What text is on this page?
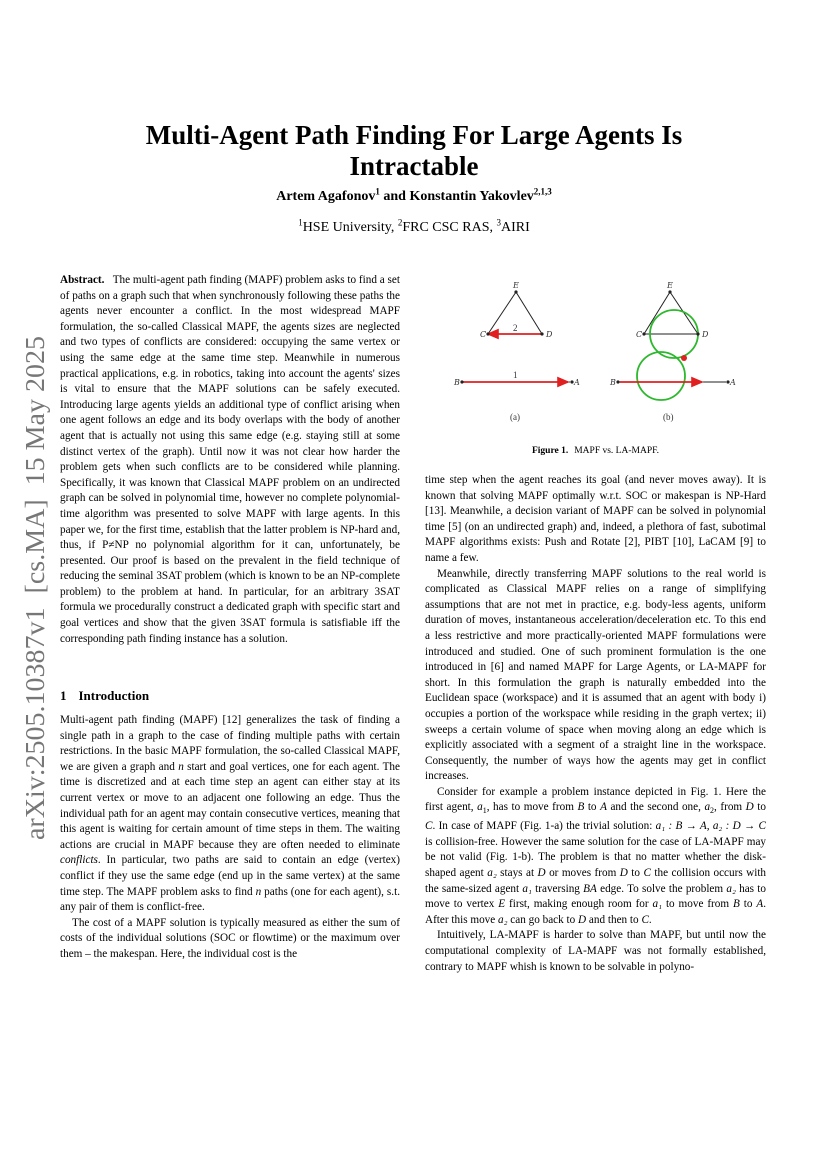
Multi-Agent Path Finding For Large Agents Is Intractable
Artem Agafonov$^1$ and Konstantin Yakovlev$^{2,1,3}$
$^1$HSE University, $^2$FRC CSC RAS, $^3$AIRI
arXiv:2505.10387v1  [cs.MA]  15 May 2025

Abstract. The multi-agent path finding (MAPF) problem asks to find a set of paths on a graph such that when synchronously following these paths the agents never encounter a conflict. In the most widespread MAPF formulation, the so-called Classical MAPF, the agents sizes are neglected and two types of conflicts are considered: occupying the same vertex or using the same edge at the same time step. Meanwhile in numerous practical applications, e.g. in robotics, taking into account the agents' sizes is vital to ensure that the MAPF solutions can be safely executed. Introducing large agents yields an additional type of conflict arising when one agent follows an edge and its body overlaps with the body of another agent that is actually not using this same edge (e.g. staying still at some distinct vertex of the graph). Until now it was not clear how harder the problem gets when such conflicts are to be considered while planning. Specifically, it was known that Classical MAPF problem on an undirected graph can be solved in polynomial time, however no complete polynomial-time algorithm was presented to solve MAPF with large agents. In this paper we, for the first time, establish that the latter problem is NP-hard and, thus, if P≠NP no polynomial algorithm for it can, unfortunately, be presented. Our proof is based on the prevalent in the field technique of reducing the seminal 3SAT problem (which is known to be an NP-complete problem) to the problem at hand. In particular, for an arbitrary 3SAT formula we procedurally construct a dedicated graph with specific start and goal vertices and show that the given 3SAT formula is satisfiable iff the corresponding path finding instance has a solution.

1 Introduction

Multi-agent path finding (MAPF) [12] generalizes the task of finding a single path in a graph to the case of finding multiple paths with certain restrictions. In the basic MAPF formulation, the so-called Classical MAPF, we are given a graph and n start and goal vertices, one for each agent. The time is discretized and at each time step an agent can either stay at its current vertex or move to an adjacent one following an edge. Thus the individual path for an agent may contain consecutive vertices, meaning that this agent is waiting for certain amount of time steps in them. The waiting actions are crucial in MAPF because they are often needed to eliminate conflicts. In particular, two paths are said to contain an edge (vertex) conflict if they use the same edge (end up in the same vertex) at the same time step. The MAPF problem asks to find n paths (one for each agent), s.t. any pair of them is conflict-free.

The cost of a MAPF solution is typically measured as either the sum of costs of the individual solutions (SOC or flowtime) or the maximum over them – the makespan. Here, the individual cost is the

B	A
C	D
E
2
1
(a)
B	A
C	D
E
(b)
Figure 1. MAPF vs. LA-MAPF.

time step when the agent reaches its goal (and never moves away). It is known that solving MAPF optimally w.r.t. SOC or makespan is NP-Hard [13]. Meanwhile, a decision variant of MAPF can be solved in polynomial time [5] (on an undirected graph) and, indeed, a plethora of fast, subotimal MAPF algorithms exists: Push and Rotate [2], PIBT [10], LaCAM [9] to name a few.

Meanwhile, directly transferring MAPF solutions to the real world is complicated as Classical MAPF relies on a range of simplifying assumptions that are not met in practice, e.g. body-less agents, uniform duration of moves, instantaneous acceleration/deceleration etc. To this end a less restrictive and more practically-oriented MAPF formulations were introduced and studied. One of such prominent formulation is the one introduced in [6] and named MAPF for Large Agents, or LA-MAPF for short. In this formulation the graph is naturally embedded into the Euclidean space (workspace) and it is assumed that an agent with body i) occupies a portion of the workspace while residing in the graph vertex; ii) sweeps a certain volume of space when moving along an edge which is explicitly associated with a segment of a straight line in the workspace. Consequently, the number of ways how the agents may get in conflict increases.

Consider for example a problem instance depicted in Fig. 1. Here the first agent, $a_1$, has to move from B to A and the second one, $a_2$, from D to C. In case of MAPF (Fig. 1-a) the trivial solution: a₁ : B → A, a₂ : D → C is collision-free. However the same solution for the case of LA-MAPF may be not valid (Fig. 1-b). The problem is that no matter whether the disk-shaped agent a₂ stays at D or moves from D to C the collision occurs with the same-sized agent a₁ traversing BA edge. To solve the problem a₂ has to move to vertex E first, making enough room for a₁ to move from B to A. After this move a₂ can go back to D and then to C.

Intuitively, LA-MAPF is harder to solve than MAPF, but until now the computational complexity of LA-MAPF was not formally established, contrary to MAPF whish is known to be solvable in polyno-
